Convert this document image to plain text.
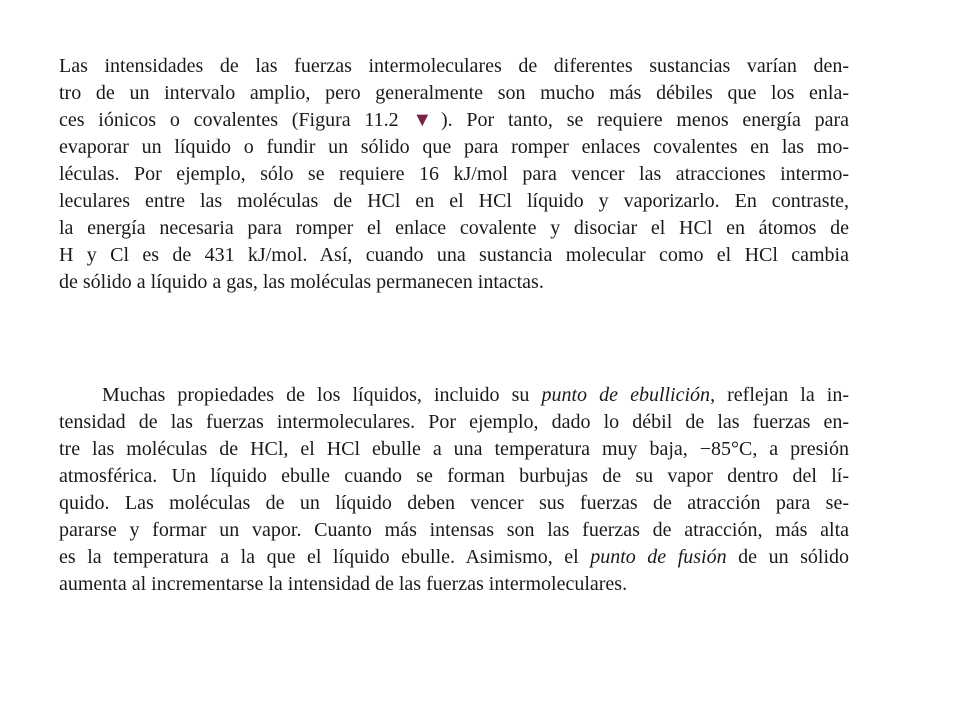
Las intensidades de las fuerzas intermoleculares de diferentes sustancias varían den-

tro de un intervalo amplio, pero generalmente son mucho más débiles que los enla-

ces iónicos o covalentes (Figura 11.2 ▼). Por tanto, se requiere menos energía para

evaporar un líquido o fundir un sólido que para romper enlaces covalentes en las mo-

léculas. Por ejemplo, sólo se requiere 16 kJ/mol para vencer las atracciones intermo-

leculares entre las moléculas de HCl en el HCl líquido y vaporizarlo. En contraste,

la energía necesaria para romper el enlace covalente y disociar el HCl en átomos de

H y Cl es de 431 kJ/mol. Así, cuando una sustancia molecular como el HCl cambia

de sólido a líquido a gas, las moléculas permanecen intactas.

Muchas propiedades de los líquidos, incluido su punto de ebullición, reflejan la in-

tensidad de las fuerzas intermoleculares. Por ejemplo, dado lo débil de las fuerzas en-

tre las moléculas de HCl, el HCl ebulle a una temperatura muy baja, −85°C, a presión

atmosférica. Un líquido ebulle cuando se forman burbujas de su vapor dentro del lí-

quido. Las moléculas de un líquido deben vencer sus fuerzas de atracción para se-

pararse y formar un vapor. Cuanto más intensas son las fuerzas de atracción, más alta

es la temperatura a la que el líquido ebulle. Asimismo, el punto de fusión de un sólido

aumenta al incrementarse la intensidad de las fuerzas intermoleculares.
